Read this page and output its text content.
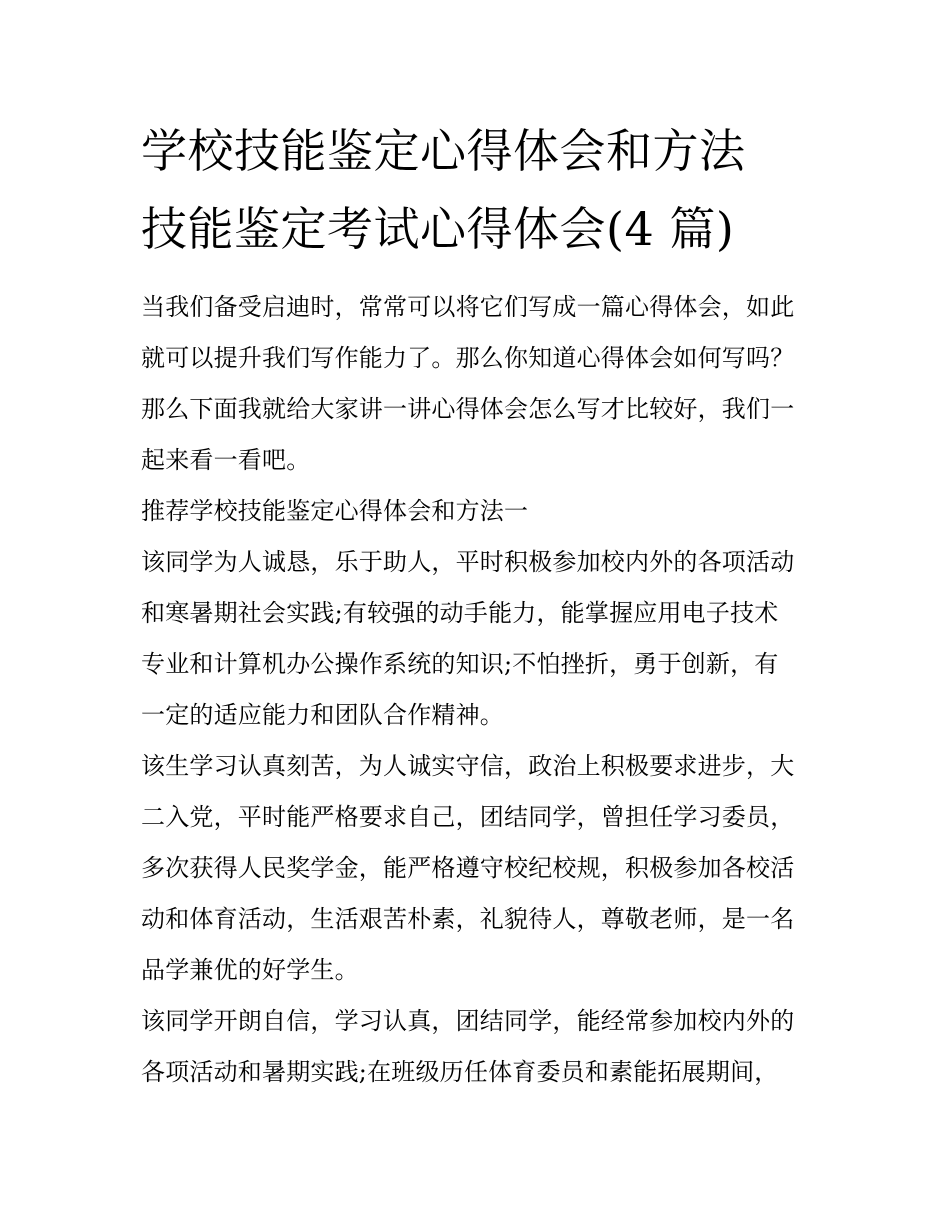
学校技能鉴定心得体会和方法
技能鉴定考试心得体会(4 篇)

当我们备受启迪时，常常可以将它们写成一篇心得体会，如此
就可以提升我们写作能力了。那么你知道心得体会如何写吗？
那么下面我就给大家讲一讲心得体会怎么写才比较好，我们一
起来看一看吧。

推荐学校技能鉴定心得体会和方法一

该同学为人诚恳，乐于助人，平时积极参加校内外的各项活动
和寒暑期社会实践;有较强的动手能力，能掌握应用电子技术
专业和计算机办公操作系统的知识;不怕挫折，勇于创新，有
一定的适应能力和团队合作精神。

该生学习认真刻苦，为人诚实守信，政治上积极要求进步，大
二入党，平时能严格要求自己，团结同学，曾担任学习委员，
多次获得人民奖学金，能严格遵守校纪校规，积极参加各校活
动和体育活动，生活艰苦朴素，礼貌待人，尊敬老师，是一名
品学兼优的好学生。

该同学开朗自信，学习认真，团结同学，能经常参加校内外的
各项活动和暑期实践;在班级历任体育委员和素能拓展期间，
